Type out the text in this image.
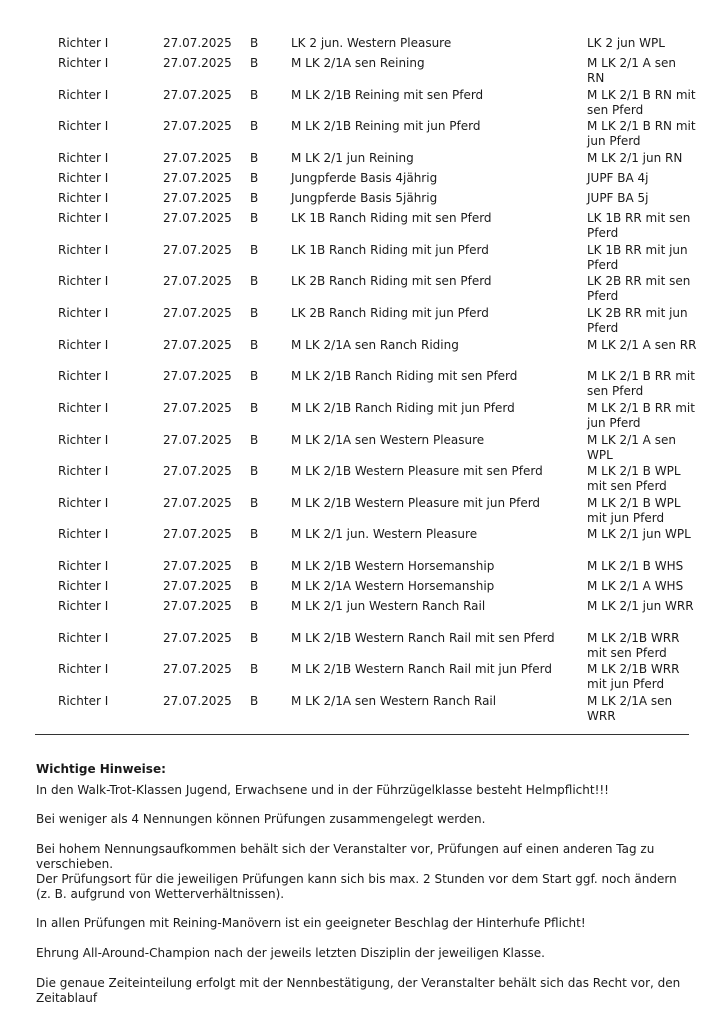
Richter I	27.07.2025 B	LK 2 jun. Western Pleasure	LK 2 jun WPL
Richter I	27.07.2025 B	M LK 2/1A sen Reining	M LK 2/1 A sen RN
Richter I	27.07.2025 B	M LK 2/1B Reining mit sen Pferd	M LK 2/1 B RN mit sen Pferd
Richter I	27.07.2025 B	M LK 2/1B Reining mit jun Pferd	M LK 2/1 B RN mit jun Pferd
Richter I	27.07.2025 B	M LK 2/1 jun Reining	M LK 2/1 jun RN
Richter I	27.07.2025 B	Jungpferde Basis 4jährig	JUPF BA 4j
Richter I	27.07.2025 B	Jungpferde Basis 5jährig	JUPF BA 5j
Richter I	27.07.2025 B	LK 1B Ranch Riding mit sen Pferd	LK 1B RR mit sen Pferd
Richter I	27.07.2025 B	LK 1B Ranch Riding mit jun Pferd	LK 1B RR mit jun Pferd
Richter I	27.07.2025 B	LK 2B Ranch Riding mit sen Pferd	LK 2B RR mit sen Pferd
Richter I	27.07.2025 B	LK 2B Ranch Riding mit jun Pferd	LK 2B RR mit jun Pferd
Richter I	27.07.2025 B	M LK 2/1A sen Ranch Riding	M LK 2/1 A sen RR
Richter I	27.07.2025 B	M LK 2/1B Ranch Riding mit sen Pferd	M LK 2/1 B RR mit sen Pferd
Richter I	27.07.2025 B	M LK 2/1B Ranch Riding mit jun Pferd	M LK 2/1 B RR mit jun Pferd
Richter I	27.07.2025 B	M LK 2/1A sen Western Pleasure	M LK 2/1 A sen WPL
Richter I	27.07.2025 B	M LK 2/1B Western Pleasure mit sen Pferd	M LK 2/1 B WPL mit sen Pferd
Richter I	27.07.2025 B	M LK 2/1B Western Pleasure mit jun Pferd	M LK 2/1 B WPL mit jun Pferd
Richter I	27.07.2025 B	M LK 2/1 jun. Western Pleasure	M LK 2/1 jun WPL
Richter I	27.07.2025 B	M LK 2/1B Western Horsemanship	M LK 2/1 B WHS
Richter I	27.07.2025 B	M LK 2/1A Western Horsemanship	M LK 2/1 A WHS
Richter I	27.07.2025 B	M LK 2/1 jun Western Ranch Rail	M LK 2/1 jun WRR
Richter I	27.07.2025 B	M LK 2/1B Western Ranch Rail mit sen Pferd	M LK 2/1B WRR mit sen Pferd
Richter I	27.07.2025 B	M LK 2/1B Western Ranch Rail mit jun Pferd	M LK 2/1B WRR mit jun Pferd
Richter I	27.07.2025 B	M LK 2/1A sen Western Ranch Rail	M LK 2/1A sen WRR
Wichtige Hinweise:
In den Walk-Trot-Klassen Jugend, Erwachsene und in der Führzügelklasse besteht Helmpflicht!!!
Bei weniger als 4 Nennungen können Prüfungen zusammengelegt werden.
Bei hohem Nennungsaufkommen behält sich der Veranstalter vor, Prüfungen auf einen anderen Tag zu verschieben.
Der Prüfungsort für die jeweiligen Prüfungen kann sich bis max. 2 Stunden vor dem Start ggf. noch ändern (z. B. aufgrund von Wetterverhältnissen).
In allen Prüfungen mit Reining-Manövern ist ein geeigneter Beschlag der Hinterhufe Pflicht!
Ehrung All-Around-Champion nach der jeweils letzten Disziplin der jeweiligen Klasse.
Die genaue Zeiteinteilung erfolgt mit der Nennbestätigung, der Veranstalter behält sich das Recht vor, den Zeitablauf
